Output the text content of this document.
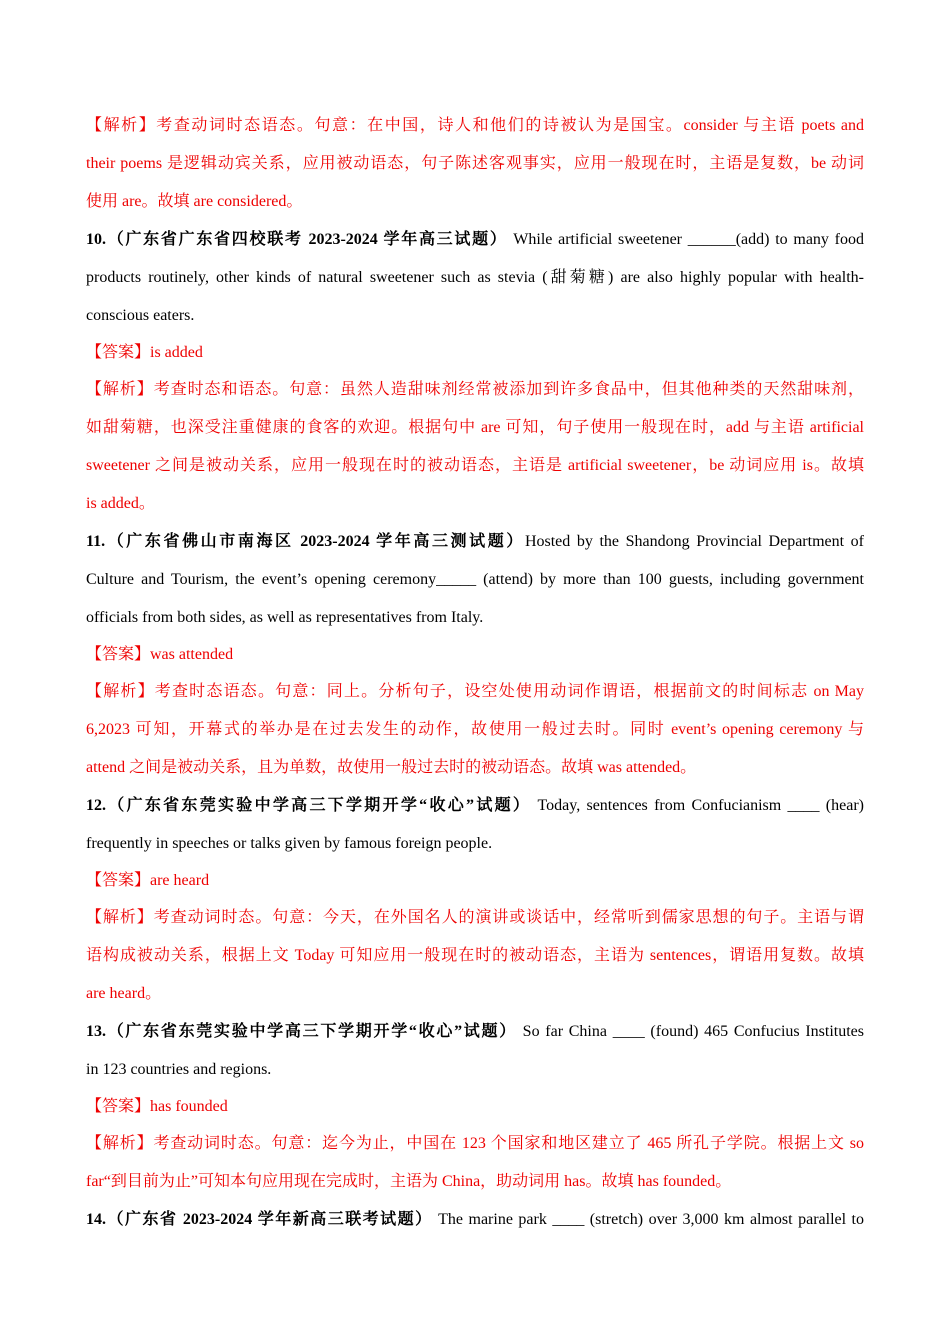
【解析】考查动词时态语态。句意：在中国，诗人和他们的诗被认为是国宝。consider 与主语 poets and
their poems 是逻辑动宾关系，应用被动语态，句子陈述客观事实，应用一般现在时，主语是复数，be 动词
使用 are。故填 are considered。
10.（广东省广东省四校联考 2023-2024 学年高三试题） While artificial sweetener ______(add) to many food
products routinely, other kinds of natural sweetener such as stevia (甜菊糖) are also highly popular with health-
conscious eaters.
【答案】is added
【解析】考查时态和语态。句意：虽然人造甜味剂经常被添加到许多食品中，但其他种类的天然甜味剂，
如甜菊糖，也深受注重健康的食客的欢迎。根据句中 are 可知，句子使用一般现在时，add 与主语 artificial
sweetener 之间是被动关系，应用一般现在时的被动语态，主语是 artificial sweetener，be 动词应用 is。故填
is added。
11.（广东省佛山市南海区 2023-2024 学年高三测试题）Hosted by the Shandong Provincial Department of
Culture and Tourism, the event’s opening ceremony_____ (attend) by more than 100 guests, including government
officials from both sides, as well as representatives from Italy.
【答案】was attended
【解析】考查时态语态。句意：同上。分析句子，设空处使用动词作谓语，根据前文的时间标志 on May
6,2023 可知，开幕式的举办是在过去发生的动作，故使用一般过去时。同时 event’s opening ceremony 与
attend 之间是被动关系，且为单数，故使用一般过去时的被动语态。故填 was attended。
12.（广东省东莞实验中学高三下学期开学“收心”试题） Today, sentences from Confucianism ____ (hear)
frequently in speeches or talks given by famous foreign people.
【答案】are heard
【解析】考查动词时态。句意：今天，在外国名人的演讲或谈话中，经常听到儒家思想的句子。主语与谓
语构成被动关系，根据上文 Today 可知应用一般现在时的被动语态，主语为 sentences，谓语用复数。故填
are heard。
13.（广东省东莞实验中学高三下学期开学“收心”试题） So far China ____ (found) 465 Confucius Institutes
in 123 countries and regions.
【答案】has founded
【解析】考查动词时态。句意：迄今为止，中国在 123 个国家和地区建立了 465 所孔子学院。根据上文 so
far“到目前为止”可知本句应用现在完成时，主语为 China，助动词用 has。故填 has founded。
14.（广东省 2023-2024 学年新高三联考试题） The marine park ____ (stretch) over 3,000 km almost parallel to
